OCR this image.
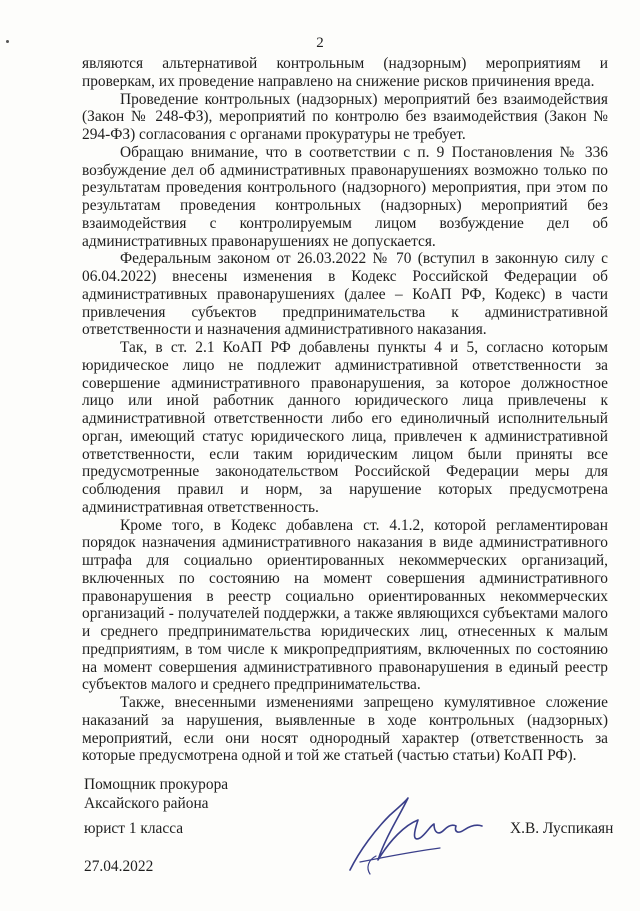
2

являются альтернативой контрольным (надзорным) мероприятиям и проверкам, их проведение направлено на снижение рисков причинения вреда.

Проведение контрольных (надзорных) мероприятий без взаимодействия (Закон № 248-ФЗ), мероприятий по контролю без взаимодействия (Закон № 294-ФЗ) согласования с органами прокуратуры не требует.

Обращаю внимание, что в соответствии с п. 9 Постановления № 336 возбуждение дел об административных правонарушениях возможно только по результатам проведения контрольного (надзорного) мероприятия, при этом по результатам проведения контрольных (надзорных) мероприятий без взаимодействия с контролируемым лицом возбуждение дел об административных правонарушениях не допускается.

Федеральным законом от 26.03.2022 № 70 (вступил в законную силу с 06.04.2022) внесены изменения в Кодекс Российской Федерации об административных правонарушениях (далее – КоАП РФ, Кодекс) в части привлечения субъектов предпринимательства к административной ответственности и назначения административного наказания.

Так, в ст. 2.1 КоАП РФ добавлены пункты 4 и 5, согласно которым юридическое лицо не подлежит административной ответственности за совершение административного правонарушения, за которое должностное лицо или иной работник данного юридического лица привлечены к административной ответственности либо его единоличный исполнительный орган, имеющий статус юридического лица, привлечен к административной ответственности, если таким юридическим лицом были приняты все предусмотренные законодательством Российской Федерации меры для соблюдения правил и норм, за нарушение которых предусмотрена административная ответственность.

Кроме того, в Кодекс добавлена ст. 4.1.2, которой регламентирован порядок назначения административного наказания в виде административного штрафа для социально ориентированных некоммерческих организаций, включенных по состоянию на момент совершения административного правонарушения в реестр социально ориентированных некоммерческих организаций - получателей поддержки, а также являющихся субъектами малого и среднего предпринимательства юридических лиц, отнесенных к малым предприятиям, в том числе к микропредприятиям, включенных по состоянию на момент совершения административного правонарушения в единый реестр субъектов малого и среднего предпринимательства.

Также, внесенными изменениями запрещено кумулятивное сложение наказаний за нарушения, выявленные в ходе контрольных (надзорных) мероприятий, если они носят однородный характер (ответственность за которые предусмотрена одной и той же статьей (частью статьи) КоАП РФ).

Помощник прокурора
Аксайского района
юрист 1 класса
27.04.2022
Х.В. Луспикаян
